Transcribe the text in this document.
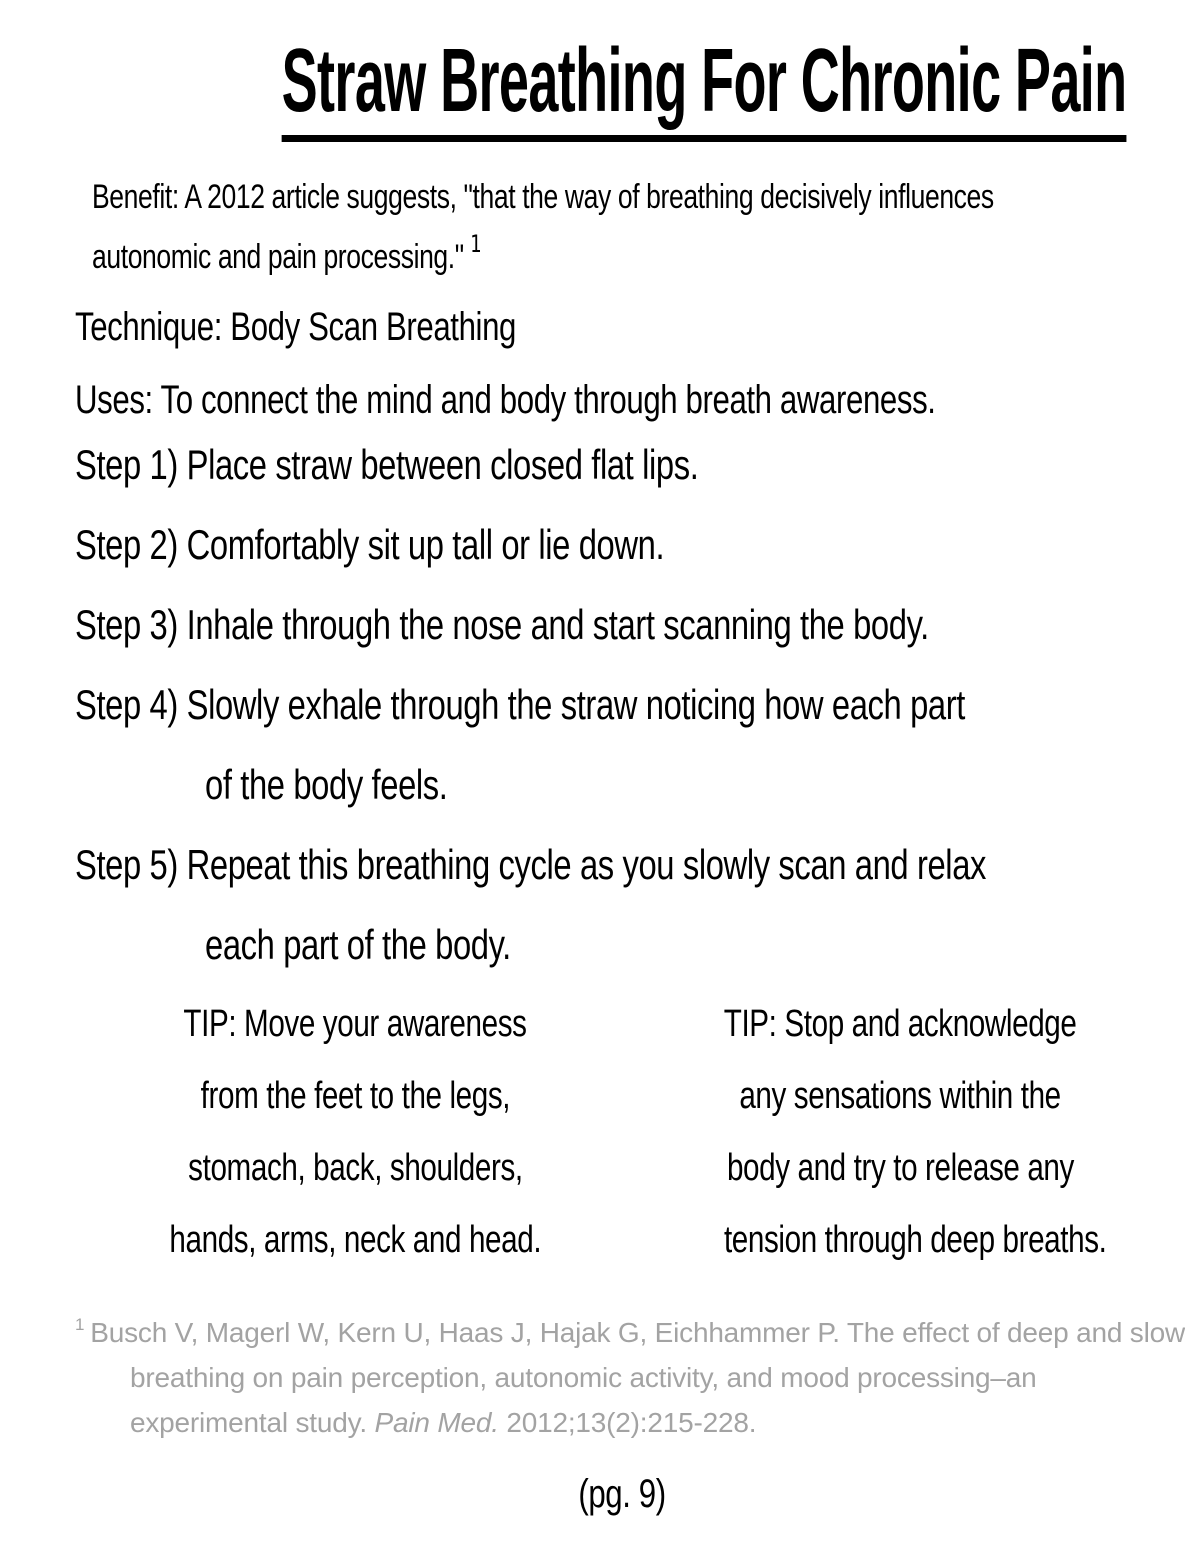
Straw Breathing For Chronic Pain
Benefit: A 2012 article suggests, "that the way of breathing decisively influences
autonomic and pain processing." $^1$
Technique: Body Scan Breathing
Uses: To connect the mind and body through breath awareness.
Step 1) Place straw between closed flat lips.
Step 2) Comfortably sit up tall or lie down.
Step 3) Inhale through the nose and start scanning the body.
Step 4) Slowly exhale through the straw noticing how each part
of the body feels.
Step 5) Repeat this breathing cycle as you slowly scan and relax
each part of the body.
TIP: Move your awareness
from the feet to the legs,
stomach, back, shoulders,
hands, arms, neck and head.
TIP: Stop and acknowledge
any sensations within the
body and try to release any
tension through deep breaths.
$^1$ Busch V, Magerl W, Kern U, Haas J, Hajak G, Eichhammer P. The effect of deep and slow
breathing on pain perception, autonomic activity, and mood processing–an
experimental study. Pain Med. 2012;13(2):215-228.
(pg. 9)
